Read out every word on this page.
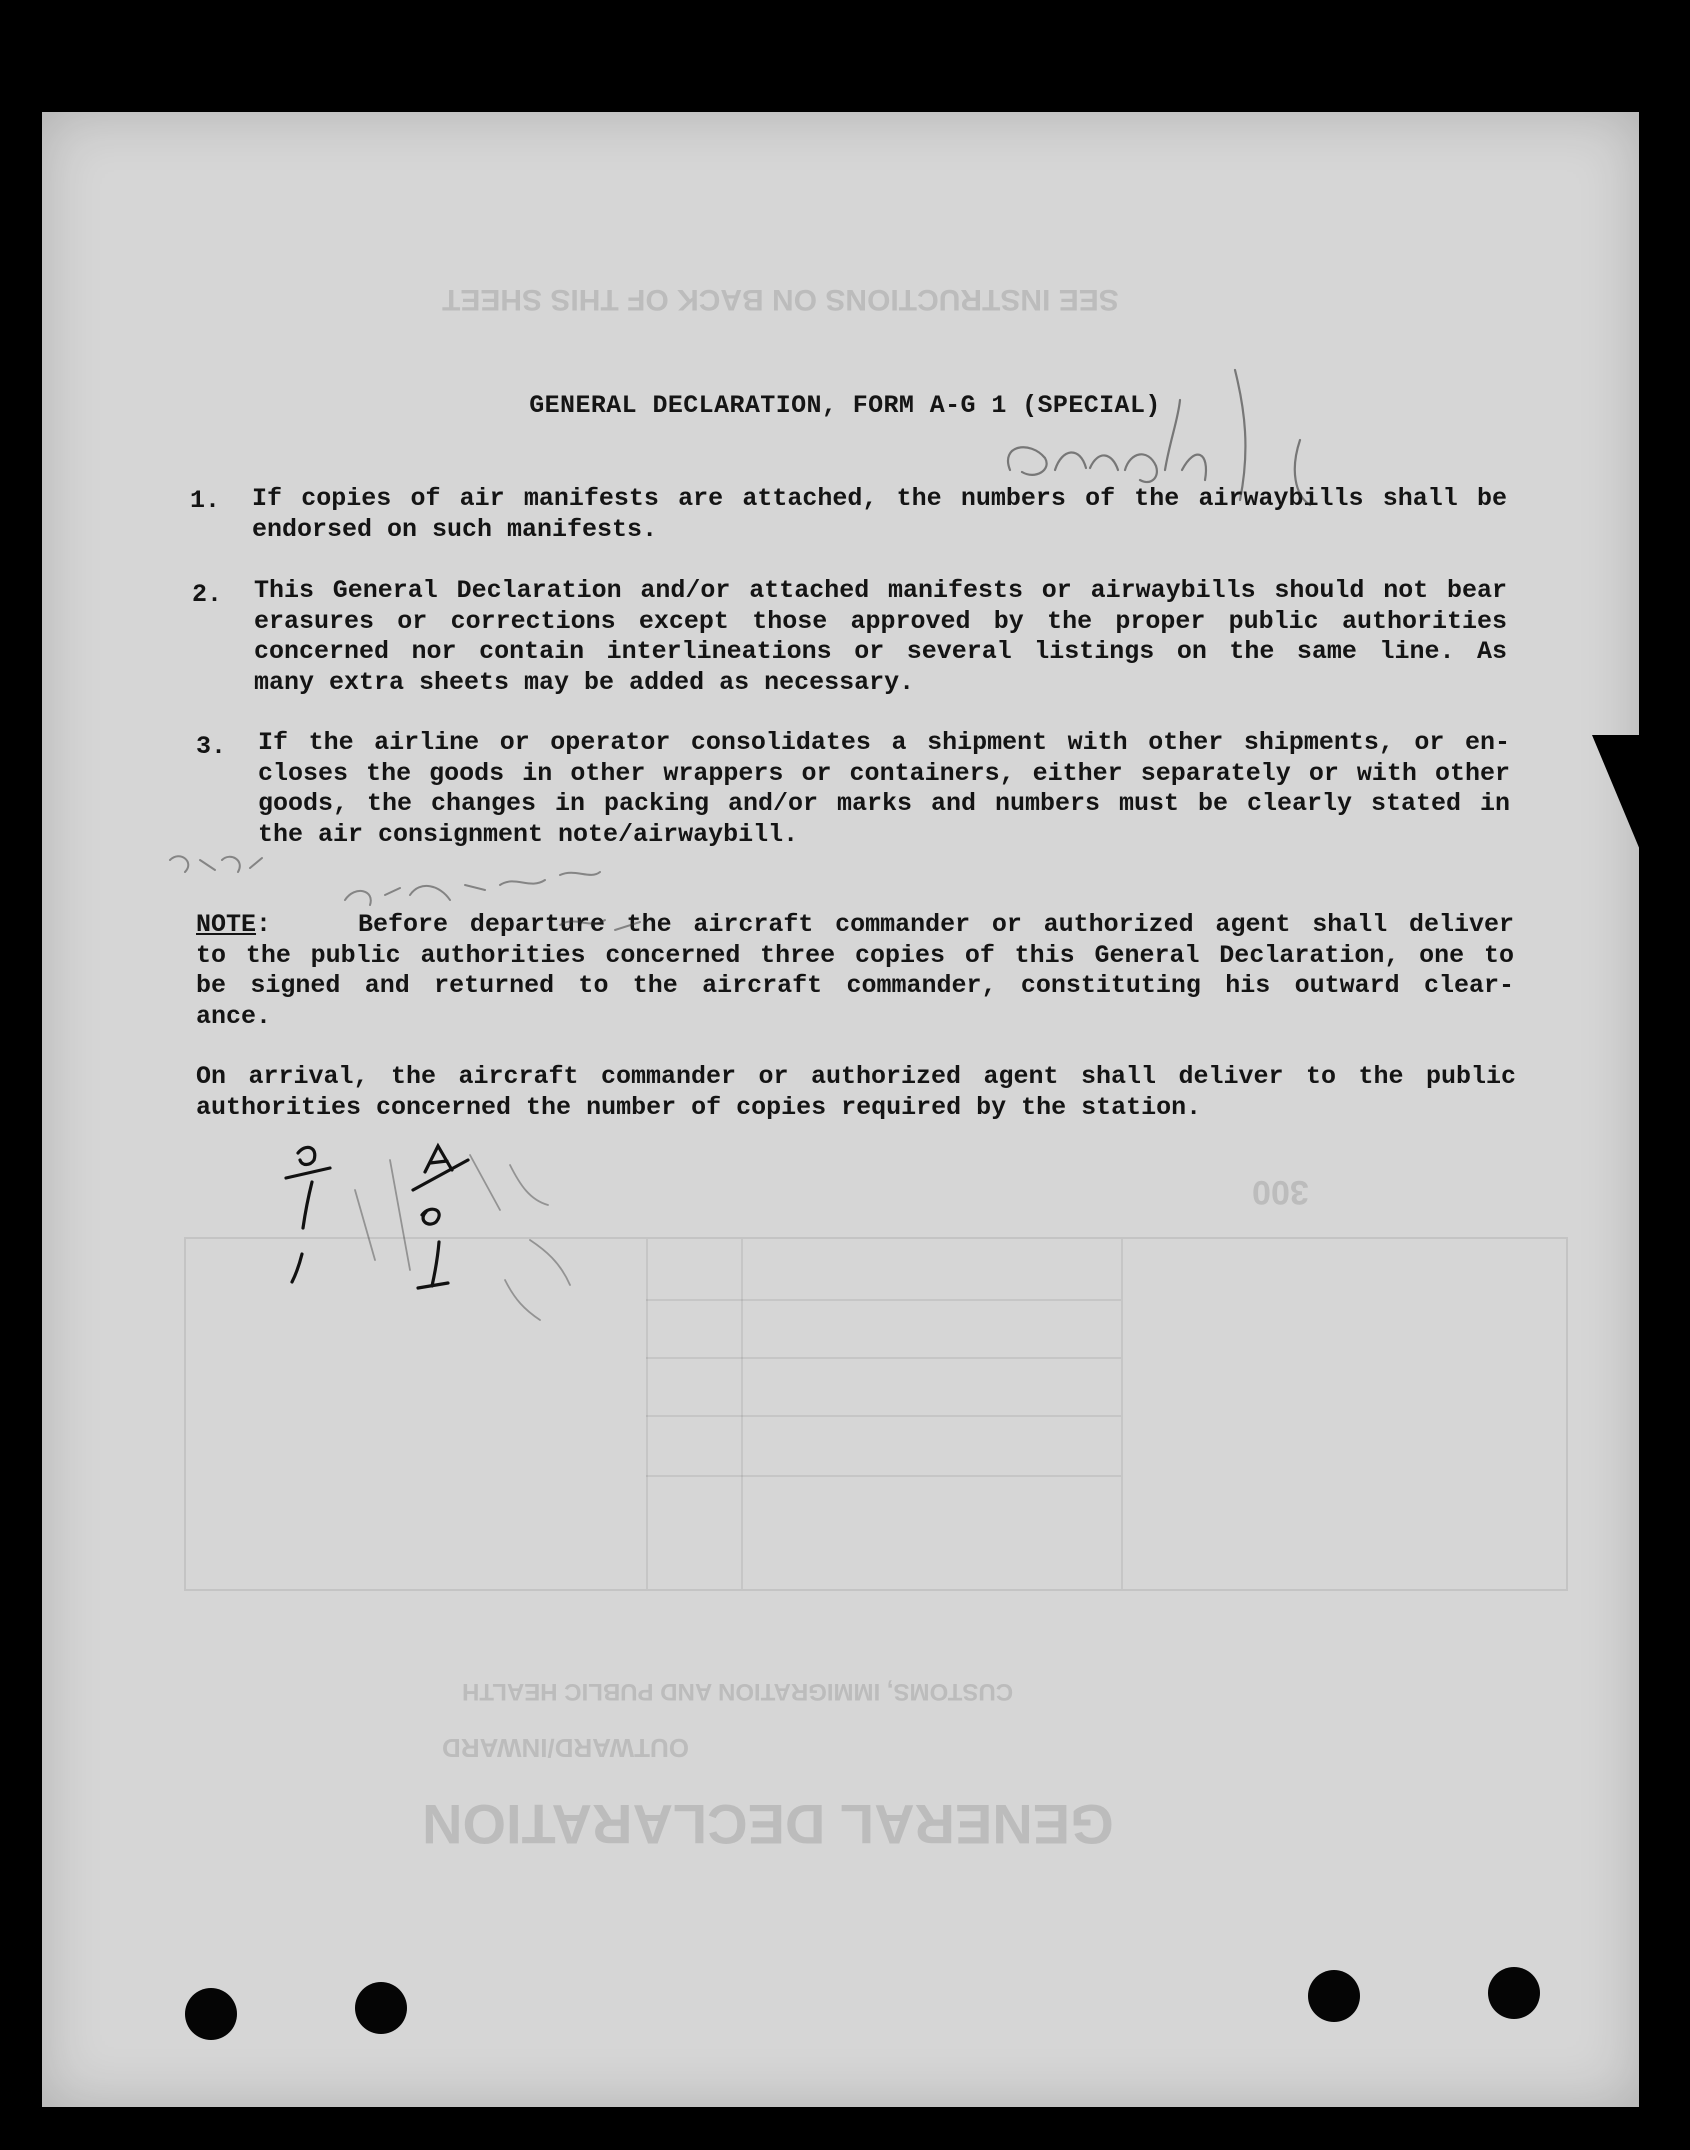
SEE INSTRUCTIONS ON BACK OF THIS SHEET
GENERAL DECLARATION
OUTWARD/INWARD
CUSTOMS, IMMIGRATION AND PUBLIC HEALTH
300
GENERAL DECLARATION, FORM A-G 1 (SPECIAL)
1. If copies of air manifests are attached, the numbers of the airwaybills shall be
endorsed on such manifests.
2. This General Declaration and/or attached manifests or airwaybills should not bear
erasures or corrections except those approved by the proper public authorities
concerned nor contain interlineations or several listings on the same line. As
many extra sheets may be added as necessary.
3. If the airline or operator consolidates a shipment with other shipments, or en-
closes the goods in other wrappers or containers, either separately or with other
goods, the changes in packing and/or marks and numbers must be clearly stated in
the air consignment note/airwaybill.
NOTE:	Before departure the aircraft commander or authorized agent shall deliver
to the public authorities concerned three copies of this General Declaration, one to
be signed and returned to the aircraft commander, constituting his outward clear-
ance.
On arrival, the aircraft commander or authorized agent shall deliver to the public
authorities concerned the number of copies required by the station.
